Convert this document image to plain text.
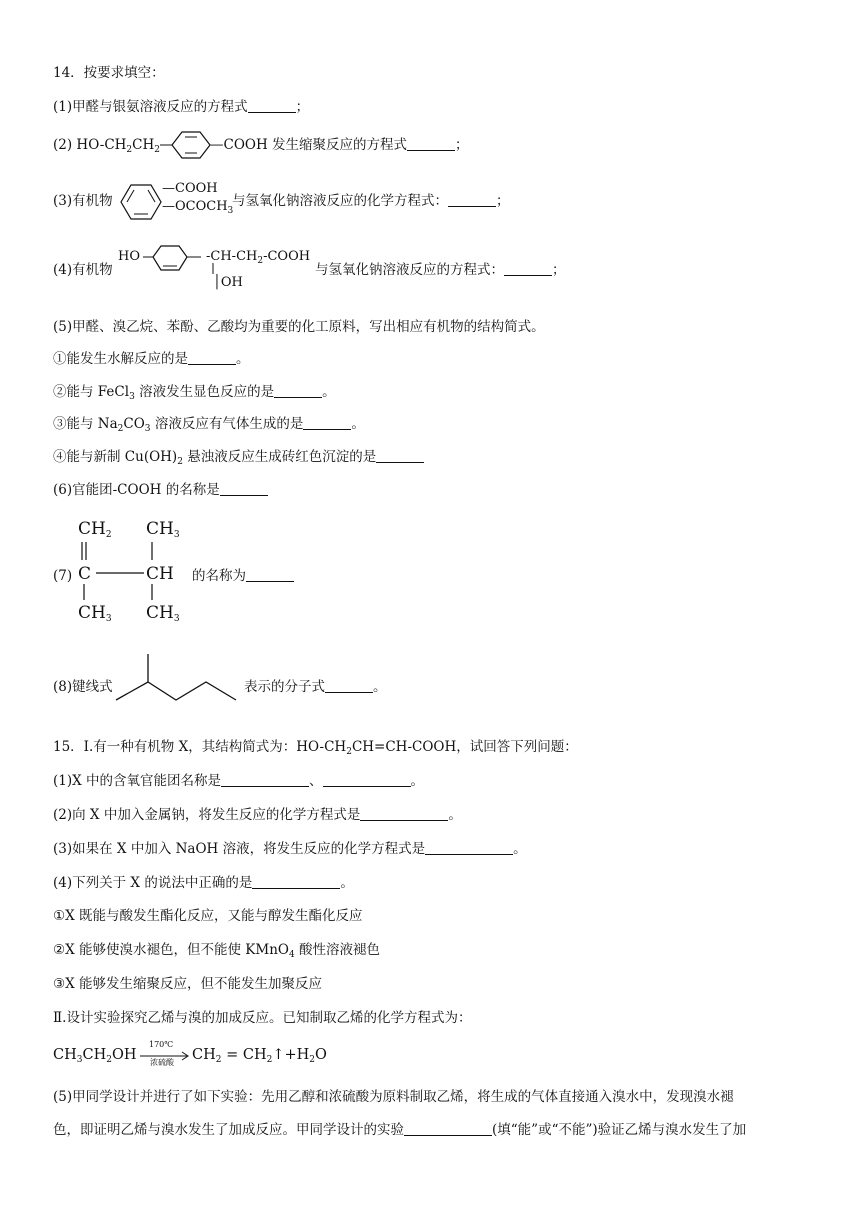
14．按要求填空：
(1)甲醛与银氨溶液反应的方程式	；
(2) $HO-CH_2CH_2$	—COOH 发生缩聚反应的方程式	；
(3)有机物
—COOH
$—OCOCH_3$
与氢氧化钠溶液反应的化学方程式：	；
(4)有机物
HO	$-CH-CH_2$-COOH
│OH
与氢氧化钠溶液反应的方程式：	；
(5)甲醛、溴乙烷、苯酚、乙酸均为重要的化工原料，写出相应有机物的结构简式。
①能发生水解反应的是	。
②能与 FeCl$_3$ 溶液发生显色反应的是	。
③能与 $Na_2CO_3$ 溶液反应有气体生成的是	。
④能与新制 $Cu(OH)_2$ 悬浊液反应生成砖红色沉淀的是
(6)官能团-COOH 的名称是
(7)
$CH_2$
C
$CH_3$
$CH_3$
CH
$CH_3$
的名称为
(8)键线式	表示的分子式	。
15．Ⅰ.有一种有机物 X，其结构简式为：$HO-CH_2CH=CH$-COOH，试回答下列问题：
(1)X 中的含氧官能团名称是	、	。
(2)向 X 中加入金属钠，将发生反应的化学方程式是	。
(3)如果在 X 中加入 NaOH 溶液，将发生反应的化学方程式是	。
(4)下列关于 X 的说法中正确的是	。
①X 既能与酸发生酯化反应，又能与醇发生酯化反应
②X 能够使溴水褪色，但不能使 KMnO$_4$ 酸性溶液褪色
③X 能够发生缩聚反应，但不能发生加聚反应
Ⅱ.设计实验探究乙烯与溴的加成反应。已知制取乙烯的化学方程式为：
$CH_3CH_2OH$ →
170℃
浓硫酸 $CH_2$ = $CH_2↑+H_2O$
(5)甲同学设计并进行了如下实验：先用乙醇和浓硫酸为原料制取乙烯，将生成的气体直接通入溴水中，发现溴水褪
色，即证明乙烯与溴水发生了加成反应。甲同学设计的实验	(填“能”或“不能”)验证乙烯与溴水发生了加
